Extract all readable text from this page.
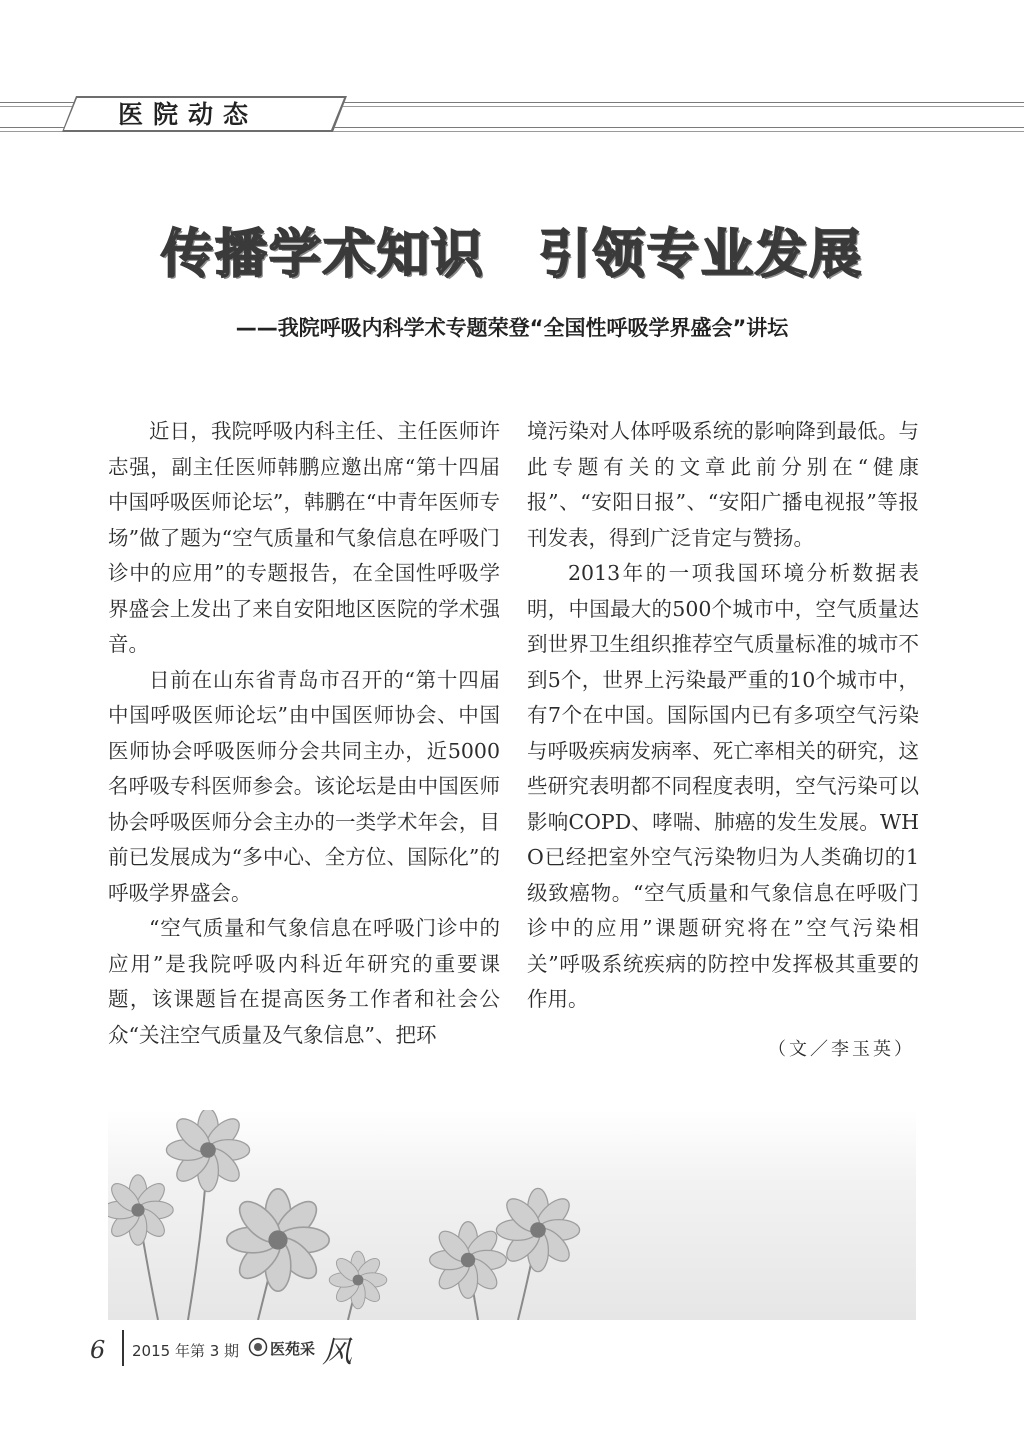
医院动态
传播学术知识　引领专业发展
——我院呼吸内科学术专题荣登“全国性呼吸学界盛会”讲坛

近日，我院呼吸内科主任、主任医师许志强，副主任医师韩鹏应邀出席“第十四届中国呼吸医师论坛”，韩鹏在“中青年医师专场”做了题为“空气质量和气象信息在呼吸门诊中的应用”的专题报告，在全国性呼吸学界盛会上发出了来自安阳地区医院的学术强音。

日前在山东省青岛市召开的“第十四届中国呼吸医师论坛”由中国医师协会、中国医师协会呼吸医师分会共同主办，近5000名呼吸专科医师参会。该论坛是由中国医师协会呼吸医师分会主办的一类学术年会，目前已发展成为“多中心、全方位、国际化”的呼吸学界盛会。

“空气质量和气象信息在呼吸门诊中的应用”是我院呼吸内科近年研究的重要课题，该课题旨在提高医务工作者和社会公众“关注空气质量及气象信息”、把环

境污染对人体呼吸系统的影响降到最低。与此专题有关的文章此前分别在“健康报”、“安阳日报”、“安阳广播电视报”等报刊发表，得到广泛肯定与赞扬。

2013年的一项我国环境分析数据表明，中国最大的500个城市中，空气质量达到世界卫生组织推荐空气质量标准的城市不到5个，世界上污染最严重的10个城市中，有7个在中国。国际国内已有多项空气污染与呼吸疾病发病率、死亡率相关的研究，这些研究表明都不同程度表明，空气污染可以影响COPD、哮喘、肺癌的发生发展。WHO已经把室外空气污染物归为人类确切的1级致癌物。“空气质量和气象信息在呼吸门诊中的应用”课题研究将在”空气污染相关”呼吸系统疾病的防控中发挥极其重要的作用。

（文／李玉英）
6 2015 年第 3 期 医苑采 风
